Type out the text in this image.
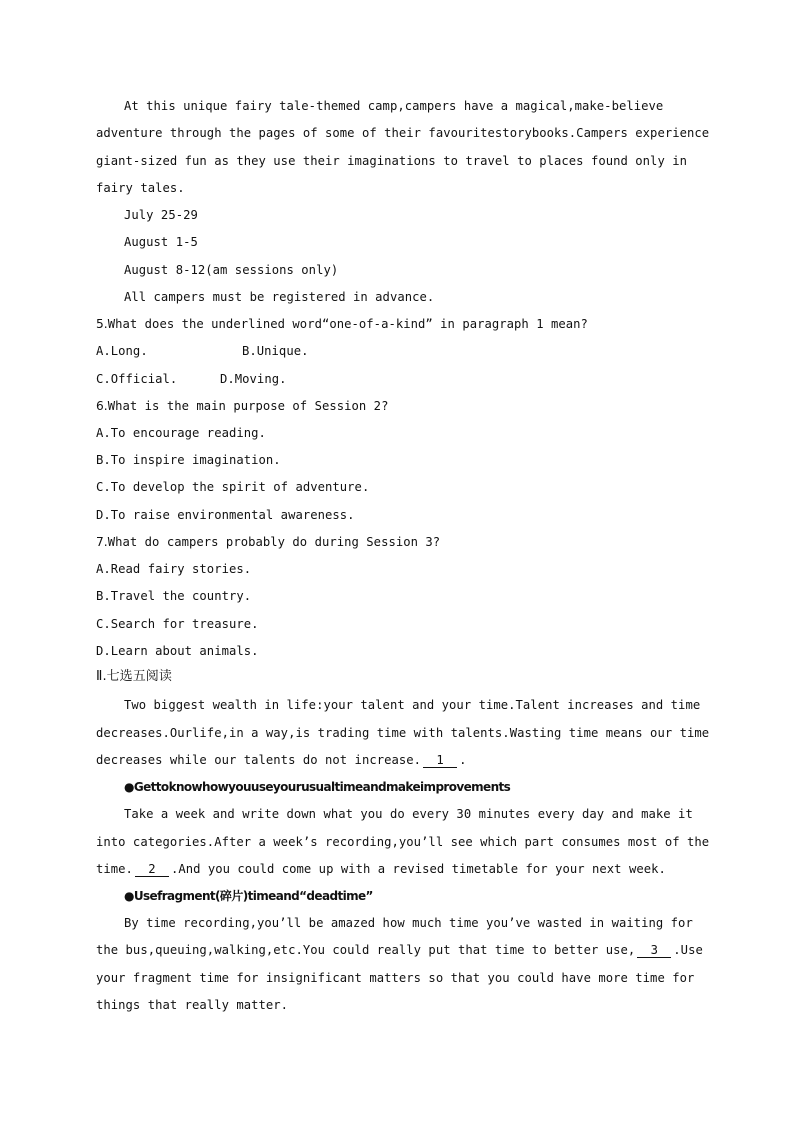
At this unique fairy tale-themed camp,campers have a magical,make-believe
adventure through the pages of some of their favouritestorybooks.Campers experience
giant-sized fun as they use their imaginations to travel to places found only in
fairy tales.
July 25-29
August 1-5
August 8-12(am sessions only)
All campers must be registered in advance.
5.What does the underlined word“one-of-a-kind” in paragraph 1 mean?
A.Long.	B.Unique.
C.Official.	D.Moving.
6.What is the main purpose of Session 2?
A.To encourage reading.
B.To inspire imagination.
C.To develop the spirit of adventure.
D.To raise environmental awareness.
7.What do campers probably do during Session 3?
A.Read fairy stories.
B.Travel the country.
C.Search for treasure.
D.Learn about animals.
Ⅱ.七选五阅读
Two biggest wealth in life:your talent and your time.Talent increases and time
decreases.Ourlife,in a way,is trading time with talents.Wasting time means our time
decreases while our talents do not increase. 1 .
●Gettoknowhowyouuseyourusualtimeandmakeimprovements
Take a week and write down what you do every 30 minutes every day and make it
into categories.After a week’s recording,you’ll see which part consumes most of the
time. 2 .And you could come up with a revised timetable for your next week.
●Usefragment(碎片)timeand“deadtime”
By time recording,you’ll be amazed how much time you’ve wasted in waiting for
the bus,queuing,walking,etc.You could really put that time to better use, 3 .Use
your fragment time for insignificant matters so that you could have more time for
things that really matter.
